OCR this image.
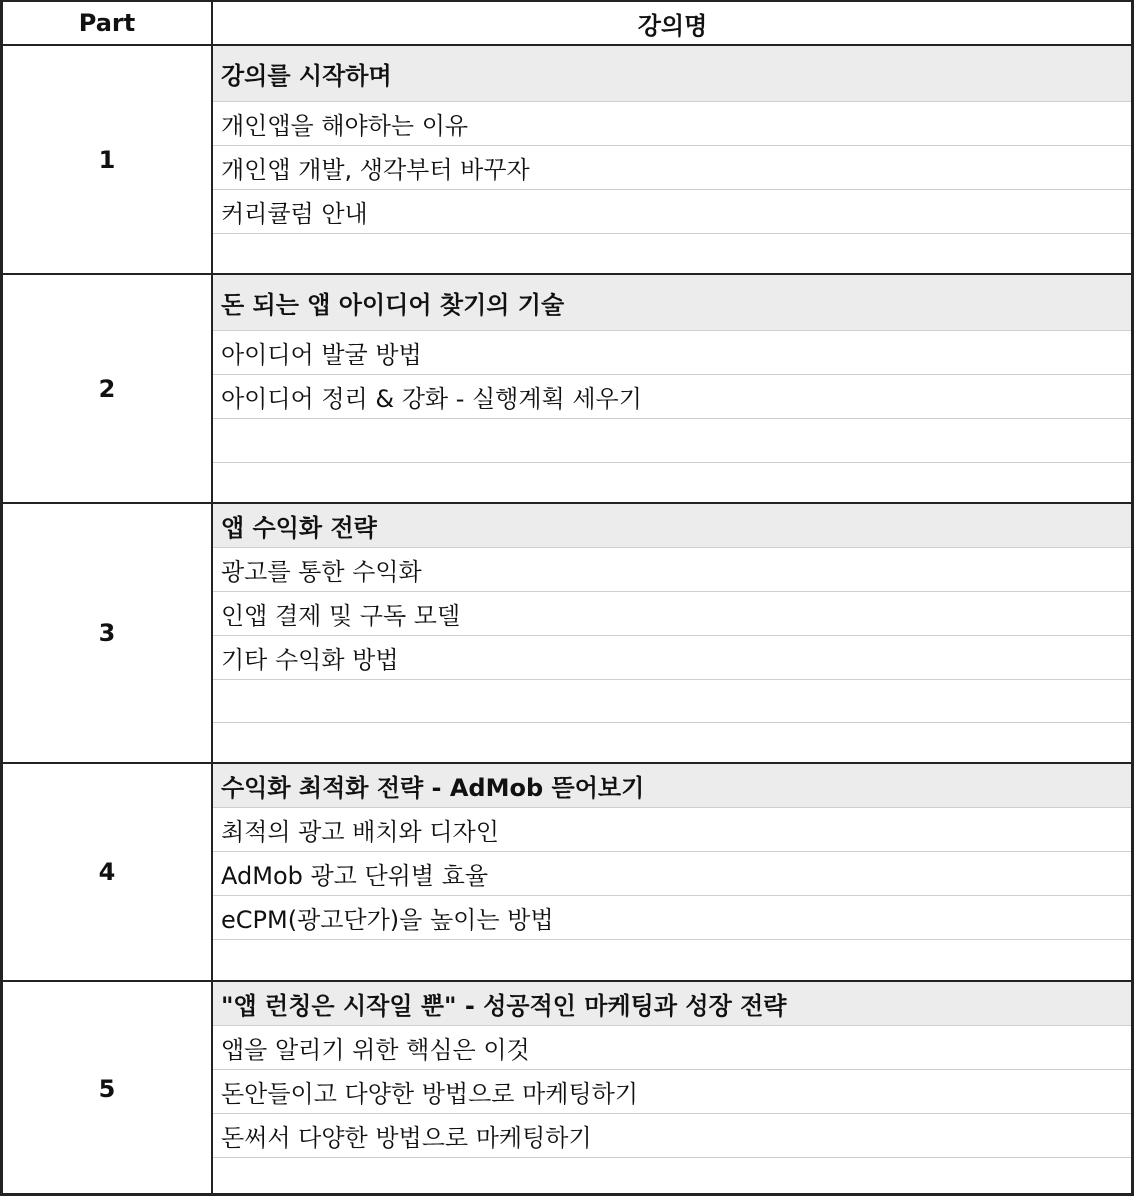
Part	강의명
1
강의를 시작하며
개인앱을 해야하는 이유
개인앱 개발, 생각부터 바꾸자
커리큘럼 안내
2
돈 되는 앱 아이디어 찾기의 기술
아이디어 발굴 방법
아이디어 정리 & 강화 - 실행계획 세우기
3
앱 수익화 전략
광고를 통한 수익화
인앱 결제 및 구독 모델
기타 수익화 방법
4
수익화 최적화 전략 - AdMob 뜯어보기
최적의 광고 배치와 디자인
AdMob 광고 단위별 효율
eCPM(광고단가)을 높이는 방법
5
"앱 런칭은 시작일 뿐" - 성공적인 마케팅과 성장 전략
앱을 알리기 위한 핵심은 이것
돈안들이고 다양한 방법으로 마케팅하기
돈써서 다양한 방법으로 마케팅하기
